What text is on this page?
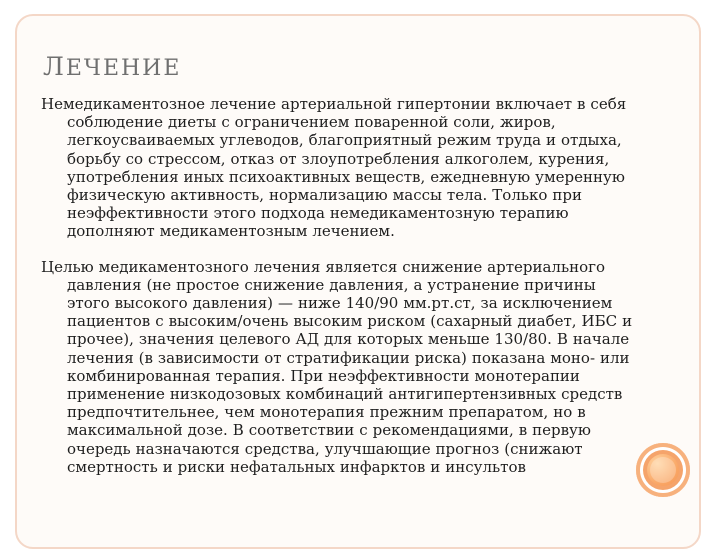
ЛЕЧЕНИЕ

Немедикаментозное лечение артериальной гипертонии включает в себя соблюдение диеты с ограничением поваренной соли, жиров, легкоусваиваемых углеводов, благоприятный режим труда и отдыха, борьбу со стрессом, отказ от злоупотребления алкоголем, курения, употребления иных психоактивных веществ, ежедневную умеренную физическую активность, нормализацию массы тела. Только при неэффективности этого подхода немедикаментозную терапию дополняют медикаментозным лечением.

Целью медикаментозного лечения является снижение артериального давления (не простое снижение давления, а устранение причины этого высокого давления) — ниже 140/90 мм.рт.ст, за исключением пациентов с высоким/очень высоким риском (сахарный диабет, ИБС и прочее), значения целевого АД для которых меньше 130/80. В начале лечения (в зависимости от стратификации риска) показана моно- или комбинированная терапия. При неэффективности монотерапии применение низкодозовых комбинаций антигипертензивных средств предпочтительнее, чем монотерапия прежним препаратом, но в максимальной дозе. В соответствии с рекомендациями, в первую очередь назначаются средства, улучшающие прогноз (снижают смертность и риски нефатальных инфарктов и инсультов
